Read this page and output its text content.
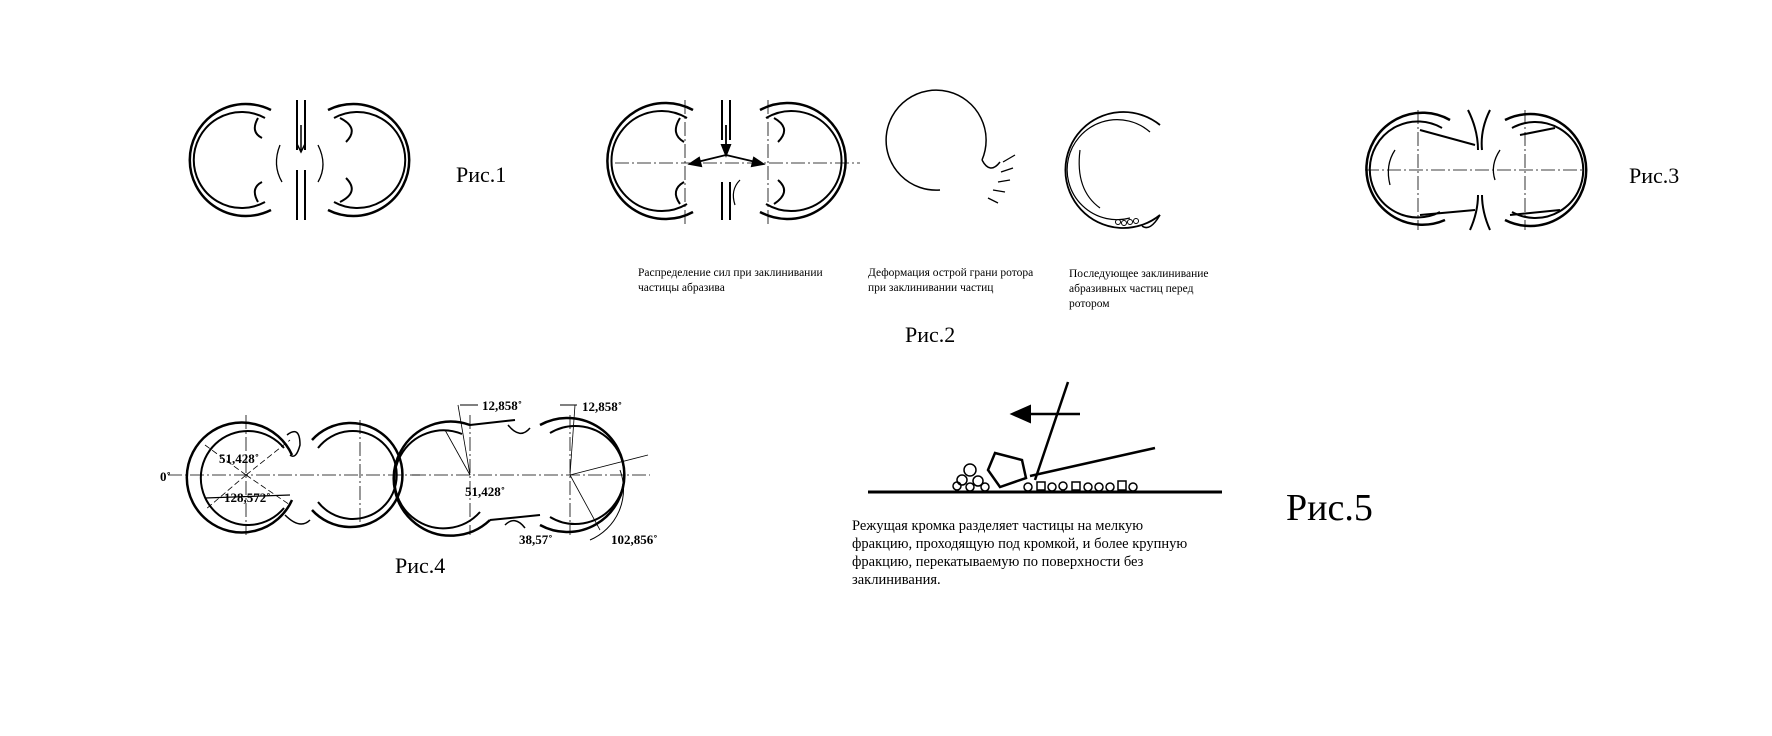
Рис.1
Рис.2
Рис.3
Рис.4
Рис.5
Распределение сил при заклинивании
частицы абразива
Деформация острой грани ротора
при заклинивании частиц
Последующее заклинивание
абразивных частиц перед
ротором
0˚
51,428˚
128,572˚
12,858˚	12,858˚
51,428˚
38,57˚	102,856˚
Режущая кромка разделяет частицы на мелкую
фракцию, проходящую под кромкой, и более крупную
фракцию, перекатываемую по поверхности без
заклинивания.
